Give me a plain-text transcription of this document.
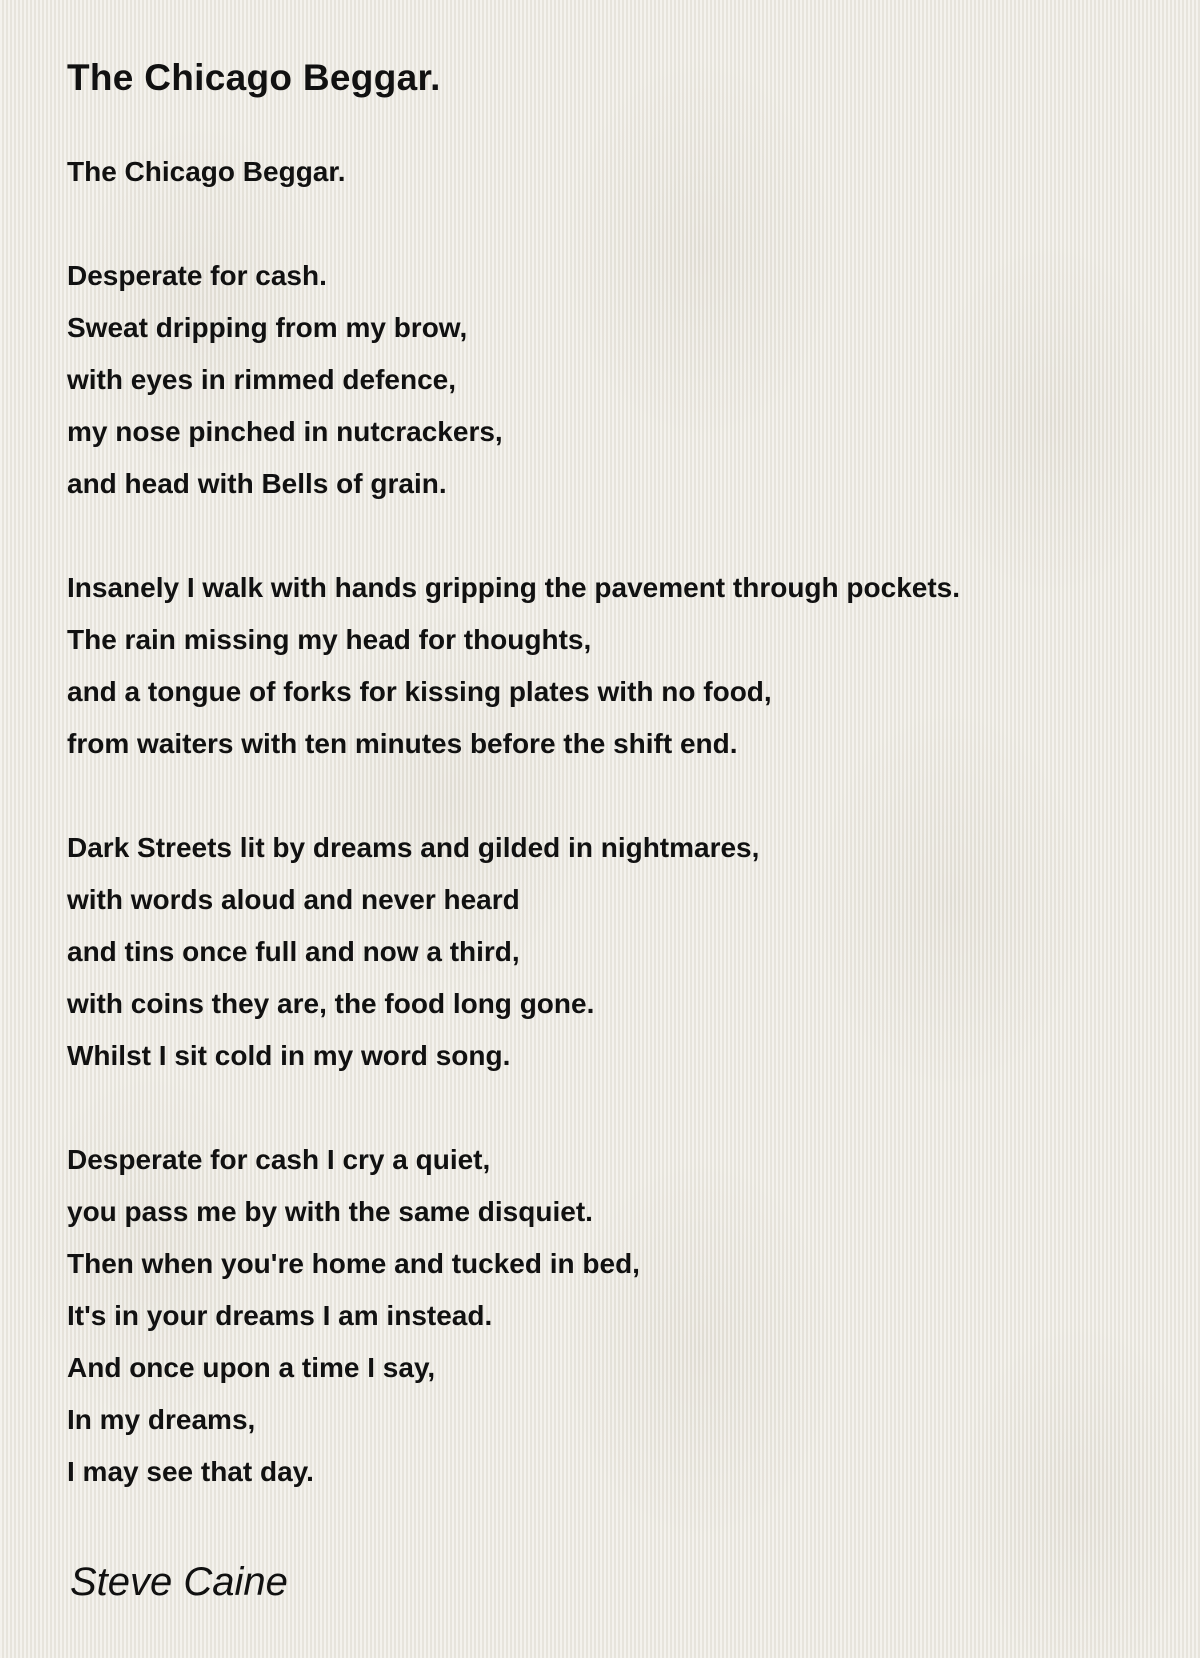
The Chicago Beggar.
The Chicago Beggar.
Desperate for cash.
Sweat dripping from my brow,
with eyes in rimmed defence,
my nose pinched in nutcrackers,
and head with Bells of grain.
Insanely I walk with hands gripping the pavement through pockets.
The rain missing my head for thoughts,
and a tongue of forks for kissing plates with no food,
from waiters with ten minutes before the shift end.
Dark Streets lit by dreams and gilded in nightmares,
with words aloud and never heard
and tins once full and now a third,
with coins they are, the food long gone.
Whilst I sit cold in my word song.
Desperate for cash I cry a quiet,
you pass me by with the same disquiet.
Then when you're home and tucked in bed,
It's in your dreams I am instead.
And once upon a time I say,
In my dreams,
I may see that day.
Steve Caine
